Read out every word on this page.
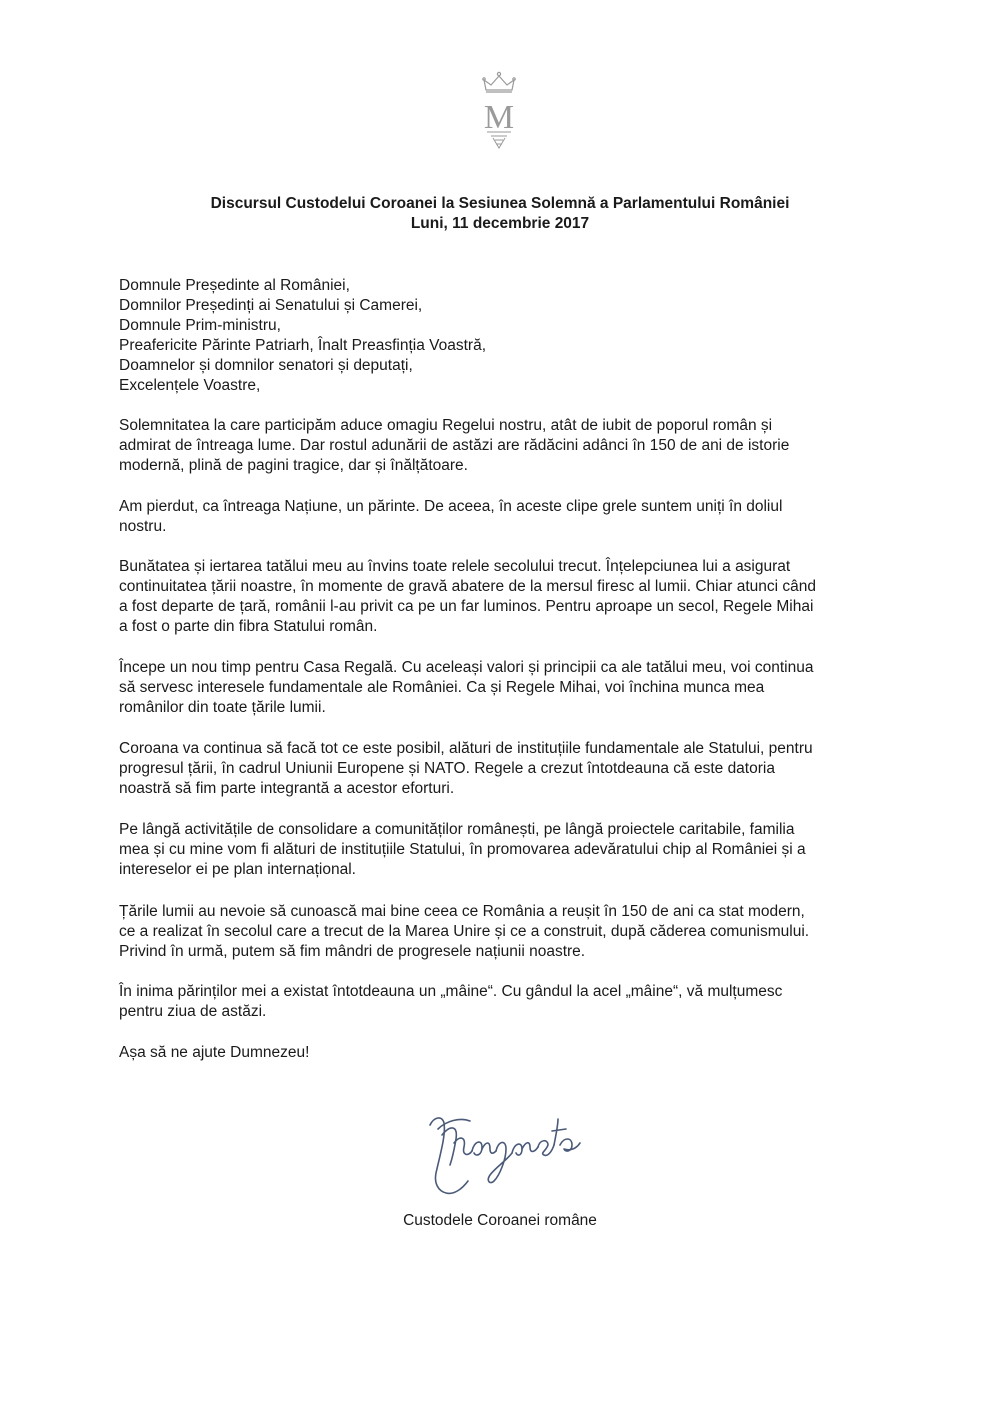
M
Discursul Custodelui Coroanei la Sesiunea Solemnă a Parlamentului României
Luni, 11 decembrie 2017
Domnule Președinte al României,
Domnilor Președinți ai Senatului și Camerei,
Domnule Prim-ministru,
Preafericite Părinte Patriarh, Înalt Preasfinția Voastră,
Doamnelor și domnilor senatori și deputați,
Excelențele Voastre,
Solemnitatea la care participăm aduce omagiu Regelui nostru, atât de iubit de poporul român și
admirat de întreaga lume. Dar rostul adunării de astăzi are rădăcini adânci în 150 de ani de istorie
modernă, plină de pagini tragice, dar și înălțătoare.
Am pierdut, ca întreaga Națiune, un părinte. De aceea, în aceste clipe grele suntem uniți în doliul
nostru.
Bunătatea și iertarea tatălui meu au învins toate relele secolului trecut. Înțelepciunea lui a asigurat
continuitatea țării noastre, în momente de gravă abatere de la mersul firesc al lumii. Chiar atunci când
a fost departe de țară, românii l-au privit ca pe un far luminos. Pentru aproape un secol, Regele Mihai
a fost o parte din fibra Statului român.
Începe un nou timp pentru Casa Regală. Cu aceleași valori și principii ca ale tatălui meu, voi continua
să servesc interesele fundamentale ale României. Ca și Regele Mihai, voi închina munca mea
românilor din toate țările lumii.
Coroana va continua să facă tot ce este posibil, alături de instituțiile fundamentale ale Statului, pentru
progresul țării, în cadrul Uniunii Europene și NATO. Regele a crezut întotdeauna că este datoria
noastră să fim parte integrantă a acestor eforturi.
Pe lângă activitățile de consolidare a comunităților românești, pe lângă proiectele caritabile, familia
mea și cu mine vom fi alături de instituțiile Statului, în promovarea adevăratului chip al României și a
intereselor ei pe plan internațional.
Țările lumii au nevoie să cunoască mai bine ceea ce România a reușit în 150 de ani ca stat modern,
ce a realizat în secolul care a trecut de la Marea Unire și ce a construit, după căderea comunismului.
Privind în urmă, putem să fim mândri de progresele națiunii noastre.
În inima părinților mei a existat întotdeauna un „mâine“. Cu gândul la acel „mâine“, vă mulțumesc
pentru ziua de astăzi.
Așa să ne ajute Dumnezeu!
Custodele Coroanei române
